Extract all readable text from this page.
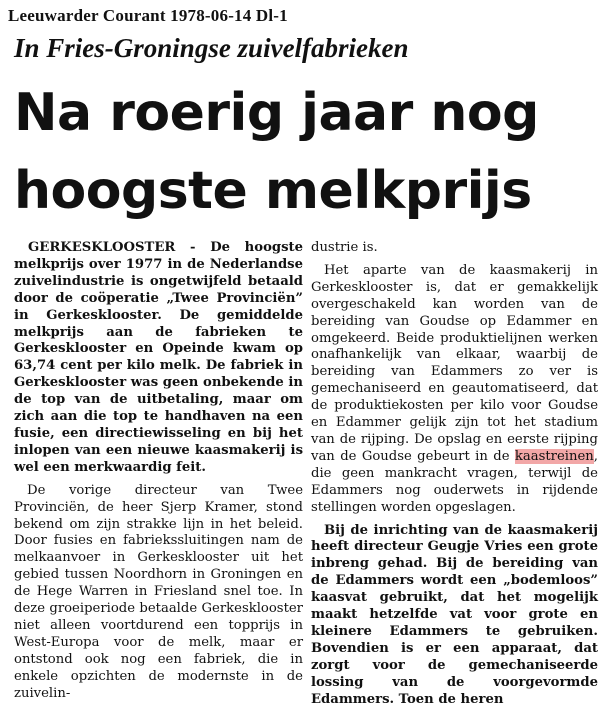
Leeuwarder Courant 1978-06-14 Dl-1
In Fries-Groningse zuivelfabrieken
Na roerig jaar nog
hoogste melkprijs

GERKESKLOOSTER - De hoogste melkprijs over 1977 in de Nederlandse zuivelindustrie is ongetwijfeld betaald door de coöperatie „Twee Provinciën” in Gerkesklooster. De gemiddelde melkprijs aan de fabrieken te Gerkesklooster en Opeinde kwam op 63,74 cent per kilo melk. De fabriek in Gerkesklooster was geen onbekende in de top van de uitbetaling, maar om zich aan die top te handhaven na een fusie, een directiewisseling en bij het inlopen van een nieuwe kaasmakerij is wel een merkwaardig feit.

De vorige directeur van Twee Provinciën, de heer Sjerp Kramer, stond bekend om zijn strakke lijn in het beleid. Door fusies en fabriekssluitingen nam de melkaanvoer in Gerkesklooster uit het gebied tussen Noordhorn in Groningen en de Hege Warren in Friesland snel toe. In deze groeiperiode betaalde Gerkesklooster niet alleen voortdurend een topprijs in West-Europa voor de melk, maar er ontstond ook nog een fabriek, die in enkele opzichten de modernste in de zuivelin-

dustrie is.

Het aparte van de kaasmakerij in Gerkesklooster is, dat er gemakkelijk overgeschakeld kan worden van de bereiding van Goudse op Edammer en omgekeerd. Beide produktielijnen werken onafhankelijk van elkaar, waarbij de bereiding van Edammers zo ver is gemechaniseerd en geautomatiseerd, dat de produktiekosten per kilo voor Goudse en Edammer gelijk zijn tot het stadium van de rijping. De opslag en eerste rijping van de Goudse gebeurt in de kaastreinen, die geen mankracht vragen, terwijl de Edammers nog ouderwets in rijdende stellingen worden opgeslagen.

Bij de inrichting van de kaasmakerij heeft directeur Geugje Vries een grote inbreng gehad. Bij de bereiding van de Edammers wordt een „bodemloos” kaasvat gebruikt, dat het mogelijk maakt hetzelfde vat voor grote en kleinere Edammers te gebruiken. Bovendien is er een apparaat, dat zorgt voor de gemechaniseerde lossing van de voorgevormde Edammers. Toen de heren
